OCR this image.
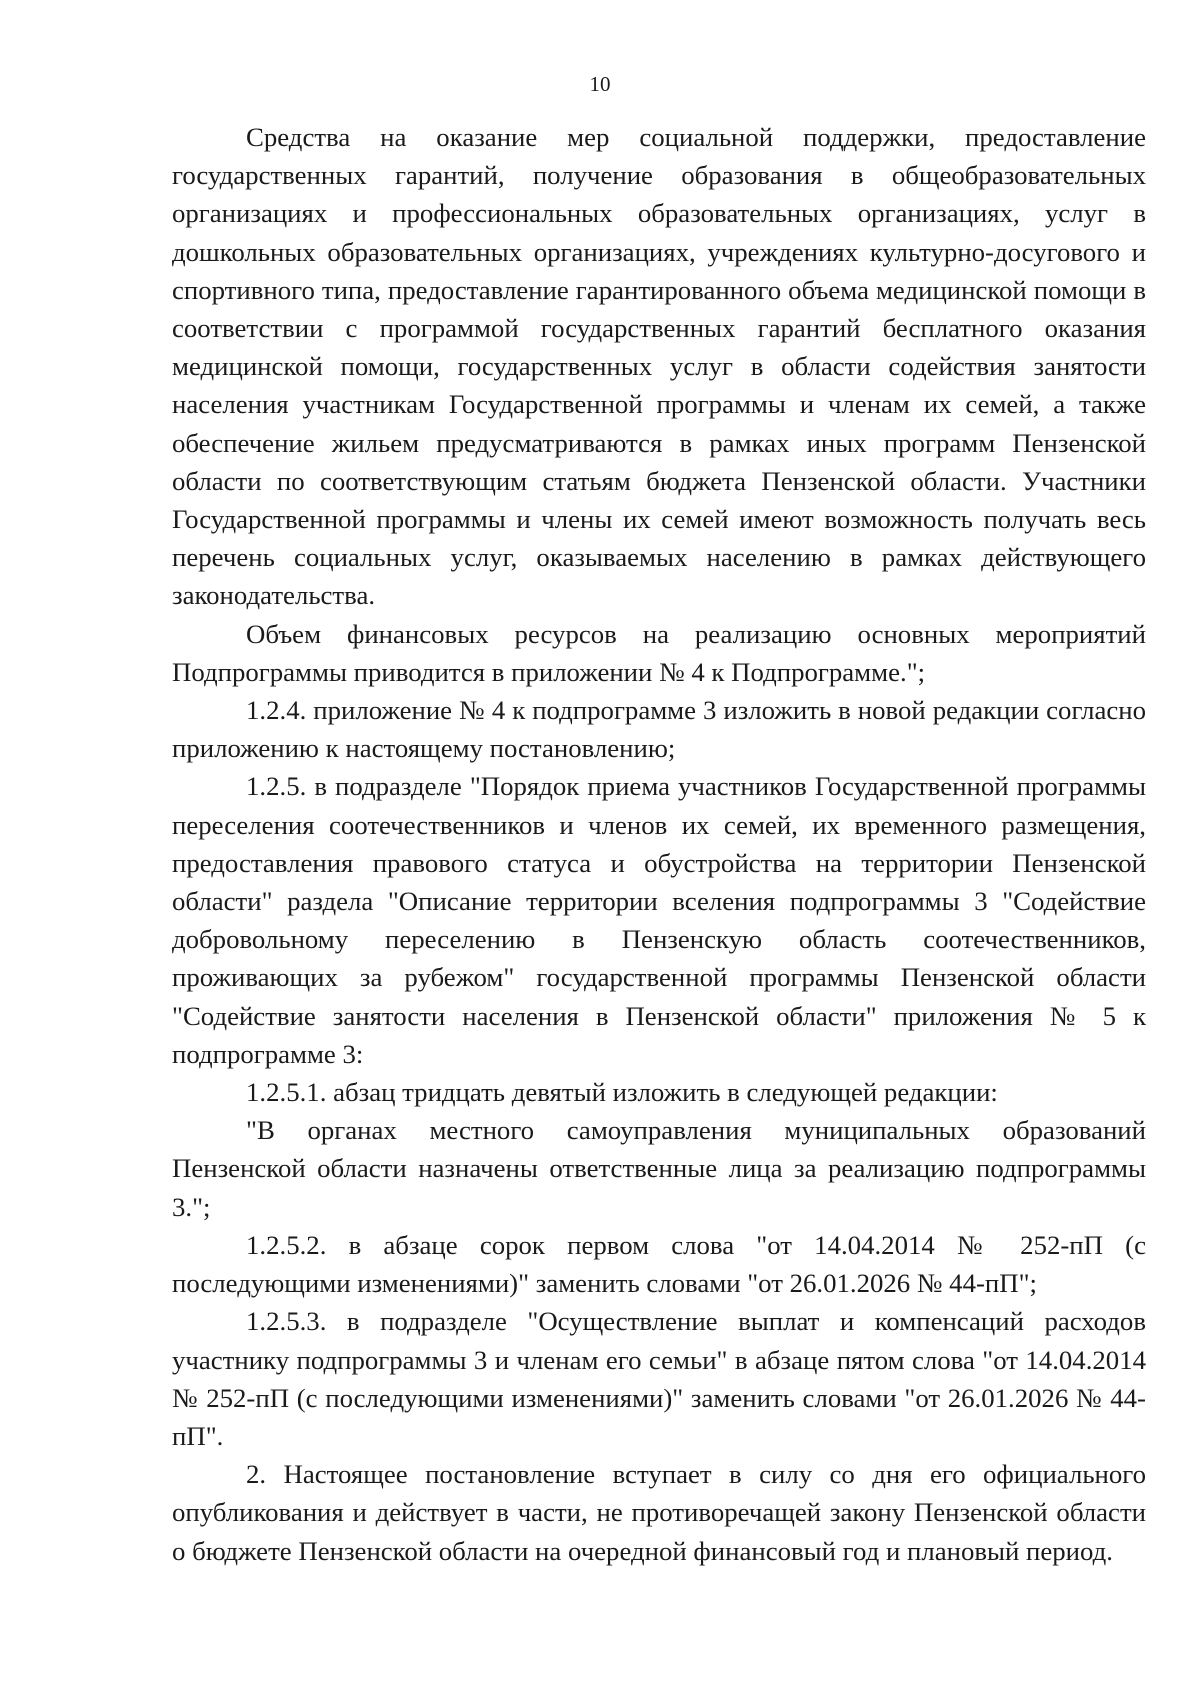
10

Средства на оказание мер социальной поддержки, предоставление государственных гарантий, получение образования в общеобразовательных организациях и профессиональных образовательных организациях, услуг в дошкольных образовательных организациях, учреждениях культурно-досугового и спортивного типа, предоставление гарантированного объема медицинской помощи в соответствии с программой государственных гарантий бесплатного оказания медицинской помощи, государственных услуг в области содействия занятости населения участникам Государственной программы и членам их семей, а также обеспечение жильем предусматриваются в рамках иных программ Пензенской области по соответствующим статьям бюджета Пензенской области. Участники Государственной программы и члены их семей имеют возможность получать весь перечень социальных услуг, оказываемых населению в рамках действующего законодательства.

Объем финансовых ресурсов на реализацию основных мероприятий Подпрограммы приводится в приложении № 4 к Подпрограмме.";

1.2.4. приложение № 4 к подпрограмме 3 изложить в новой редакции согласно приложению к настоящему постановлению;

1.2.5. в подразделе "Порядок приема участников Государственной программы переселения соотечественников и членов их семей, их временного размещения, предоставления правового статуса и обустройства на территории Пензенской области" раздела "Описание территории вселения подпрограммы 3 "Содействие добровольному переселению в Пензенскую область соотечественников, проживающих за рубежом" государственной программы Пензенской области "Содействие занятости населения в Пензенской области" приложения № 5 к подпрограмме 3:

1.2.5.1. абзац тридцать девятый изложить в следующей редакции:

"В органах местного самоуправления муниципальных образований Пензенской области назначены ответственные лица за реализацию подпрограммы 3.";

1.2.5.2. в абзаце сорок первом слова "от 14.04.2014 № 252-пП (с последующими изменениями)" заменить словами "от 26.01.2026 № 44-пП";

1.2.5.3. в подразделе "Осуществление выплат и компенсаций расходов участнику подпрограммы 3 и членам его семьи" в абзаце пятом слова "от 14.04.2014 № 252-пП (с последующими изменениями)" заменить словами "от 26.01.2026 № 44-пП".

2. Настоящее постановление вступает в силу со дня его официального опубликования и действует в части, не противоречащей закону Пензенской области о бюджете Пензенской области на очередной финансовый год и плановый период.
